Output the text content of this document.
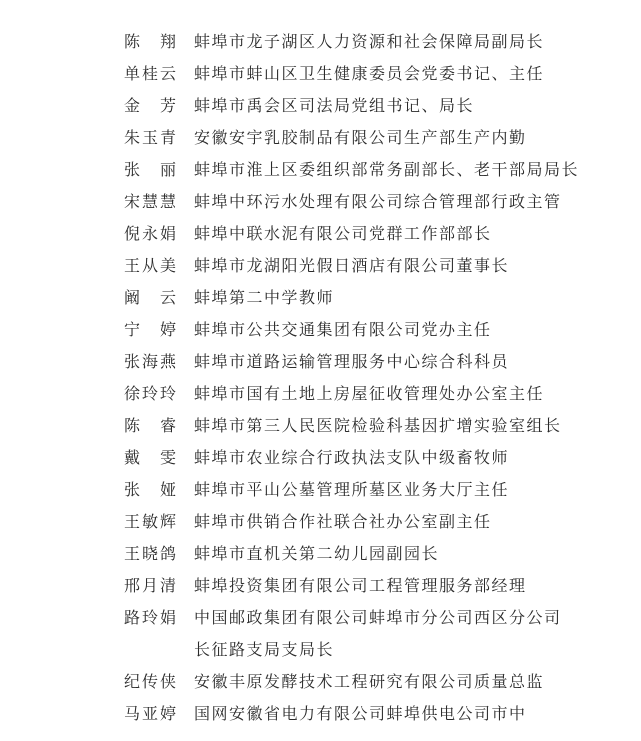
陈 翔 蚌埠市龙子湖区人力资源和社会保障局副局长
单 桂 云 蚌埠市蚌山区卫生健康委员会党委书记、主任
金 芳 蚌埠市禹会区司法局党组书记、局长
朱 玉 青 安徽安宇乳胶制品有限公司生产部生产内勤
张 丽 蚌埠市淮上区委组织部常务副部长、老干部局局长
宋 慧 慧 蚌埠中环污水处理有限公司综合管理部行政主管
倪 永 娟 蚌埠中联水泥有限公司党群工作部部长
王 从 美 蚌埠市龙湖阳光假日酒店有限公司董事长
阚 云 蚌埠第二中学教师
宁 婷 蚌埠市公共交通集团有限公司党办主任
张 海 燕 蚌埠市道路运输管理服务中心综合科科员
徐 玲 玲 蚌埠市国有土地上房屋征收管理处办公室主任
陈 睿 蚌埠市第三人民医院检验科基因扩增实验室组长
戴 雯 蚌埠市农业综合行政执法支队中级畜牧师
张 娅 蚌埠市平山公墓管理所墓区业务大厅主任
王 敏 辉 蚌埠市供销合作社联合社办公室副主任
王 晓 鸽 蚌埠市直机关第二幼儿园副园长
邢 月 清 蚌埠投资集团有限公司工程管理服务部经理
路 玲 娟 中国邮政集团有限公司蚌埠市分公司西区分公司
长征路支局支局长
纪 传 侠 安徽丰原发酵技术工程研究有限公司质量总监
马 亚 婷 国网安徽省电力有限公司蚌埠供电公司市中
